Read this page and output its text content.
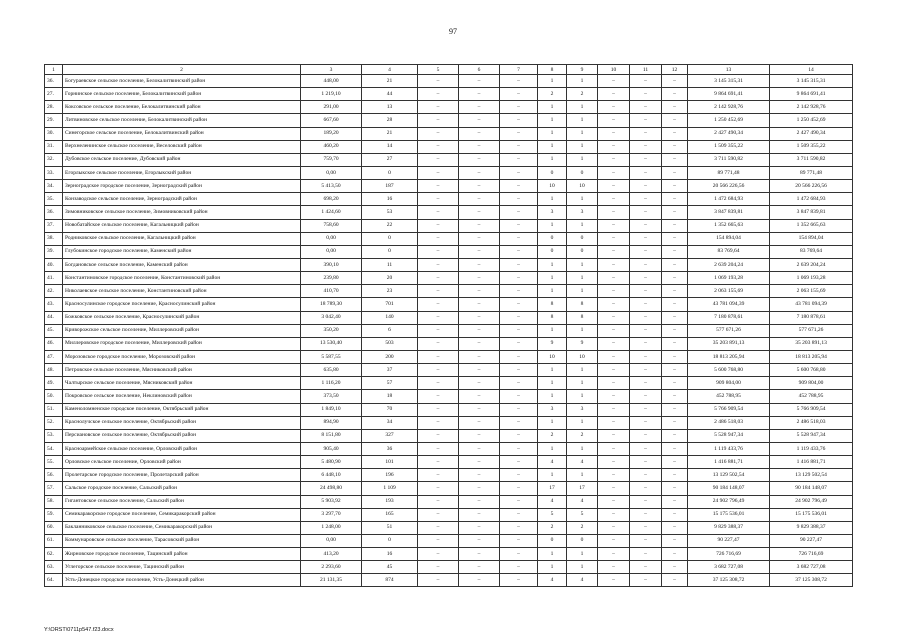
97
1	2	3	4	5	6	7	8	9	10	11	12	13	14
36.	Богураевское сельское поселение, Белокалитвинский район	448,00	21	–	–	–	1	1	–	–	–	3 145 315,31	3 145 315,31
27.	Горнинское сельское поселение, Белокалитвинский район	1 219,10	44	–	–	–	2	2	–	–	–	9 864 691,41	9 864 691,41
28.	Коксовское сельское поселение, Белокалитвинский район	291,00	13	–	–	–	1	1	–	–	–	2 142 928,76	2 142 928,76
29.	Литвиновское сельское поселение, Белокалитвинский район	667,60	28	–	–	–	1	1	–	–	–	1 250 452,69	1 250 452,69
30.	Синегорское сельское поселение, Белокалитвинский район	189,20	21	–	–	–	1	1	–	–	–	2 427 490,34	2 427 490,34
31.	Верхнеленинское сельское поселение, Веселовский район	460,20	14	–	–	–	1	1	–	–	–	1 509 355,22	1 509 355,22
32.	Дубовское сельское поселение, Дубовский район	759,70	27	–	–	–	1	1	–	–	–	3 711 590,82	3 711 590,82
33.	Егорлыкское сельское поселение, Егорлыкский район	0,00	0	–	–	–	0	0	–	–	–	89 771,48	89 771,48
34.	Зерноградское городское поселение, Зерноградский район	5 413,50	187	–	–	–	10	10	–	–	–	20 566 226,56	20 566 226,56
35.	Конзаводское сельское поселение, Зерноградский район	698,20	16	–	–	–	1	1	–	–	–	1 472 684,93	1 472 684,93
36.	Зимовниковское сельское поселение, Зимовниковский район	1 424,60	53	–	–	–	3	3	–	–	–	3 847 839,81	3 847 839,81
37.	Новобатайское сельское поселение, Кагальницкий район	758,60	22	–	–	–	1	1	–	–	–	1 352 665,63	1 352 665,63
38.	Родниковское сельское поселение, Кагальницкий район	0,00	0	–	–	–	0	0	–	–	–	154 894,04	154 894,04
39.	Глубокинское городское поселение, Каменский район	0,00	0	–	–	–	0	0	–	–	–	83 769,64	83 769,64
40.	Богдановское сельское поселение, Каменский район	390,10	11	–	–	–	1	1	–	–	–	2 639 204,24	2 639 204,24
41.	Константиновское городское поселение, Константиновский район	239,80	20	–	–	–	1	1	–	–	–	1 069 193,28	1 069 193,28
42.	Николаевское сельское поселение, Константиновский район	410,70	23	–	–	–	1	1	–	–	–	2 063 155,69	2 063 155,69
43.	Красносулинское городское поселение, Красносулинский район	18 789,30	701	–	–	–	8	8	–	–	–	43 781 094,39	43 781 094,39
44.	Божковское сельское поселение, Красносулинский район	3 042,40	140	–	–	–	8	8	–	–	–	7 180 878,61	7 180 878,61
45.	Криворожское сельское поселение, Миллеровский район	350,20	6	–	–	–	1	1	–	–	–	577 671,26	577 671,26
46.	Миллеровское городское поселение, Миллеровский район	13 530,40	503	–	–	–	9	9	–	–	–	35 203 891,13	35 203 891,13
47.	Морозовское городское поселение, Морозовский район	5 587,55	200	–	–	–	10	10	–	–	–	18 813 205,94	18 813 205,94
48.	Петровское сельское поселение, Мясниковский район	635,80	37	–	–	–	1	1	–	–	–	5 600 768,80	5 600 768,80
49.	Чалтырское сельское поселение, Мясниковский район	1 116,20	57	–	–	–	1	1	–	–	–	909 804,00	909 804,00
50.	Покровское сельское поселение, Неклиновский район	373,50	18	–	–	–	1	1	–	–	–	452 788,95	452 788,95
51.	Каменоломненское городское поселение, Октябрьский район	1 849,10	70	–	–	–	3	3	–	–	–	5 766 909,54	5 766 909,54
52.	Краснолучское сельское поселение, Октябрьский район	894,90	34	–	–	–	1	1	–	–	–	2 486 518,03	2 486 518,03
53.	Персиановское сельское поселение, Октябрьский район	8 151,80	327	–	–	–	2	2	–	–	–	5 528 947,34	5 528 947,34
54.	Красноармейское сельское поселение, Орловский район	905,40	36	–	–	–	1	1	–	–	–	1 119 433,76	1 119 433,76
55.	Орловское сельское поселение, Орловский район	5 480,90	101	–	–	–	4	4	–	–	–	1 416 881,71	1 416 881,71
56.	Пролетарское городское поселение, Пролетарский район	6 448,10	196	–	–	–	1	1	–	–	–	13 129 502,54	13 129 502,54
57.	Сальское городское поселение, Сальский район	24 498,80	1 109	–	–	–	17	17	–	–	–	90 184 148,07	90 184 148,07
58.	Гигантовское сельское поселение, Сальский район	5 903,92	193	–	–	–	4	4	–	–	–	24 902 796,49	24 902 796,49
59.	Семикаракорское городское поселение, Семикаракорский район	3 297,70	165	–	–	–	5	5	–	–	–	15 175 536,01	15 175 536,01
60.	Бакланниковское сельское поселение, Семикаракорский район	1 248,00	51	–	–	–	2	2	–	–	–	9 829 388,37	9 829 388,37
61.	Коммунаровское сельское поселение, Тарасовский район	0,00	0	–	–	–	0	0	–	–	–	90 227,47	90 227,47
62.	Жирновское городское поселение, Тацинский район	413,20	16	–	–	–	1	1	–	–	–	726 716,69	726 716,69
63.	Углегорское сельское поселение, Тацинский район	2 293,60	45	–	–	–	1	1	–	–	–	3 682 727,08	3 682 727,08
64.	Усть-Донецкое городское поселение, Усть-Донецкий район	21 131,35	874	–	–	–	4	4	–	–	–	37 125 308,72	37 125 308,72
Y:\ORST\0711p547.f23.docx
